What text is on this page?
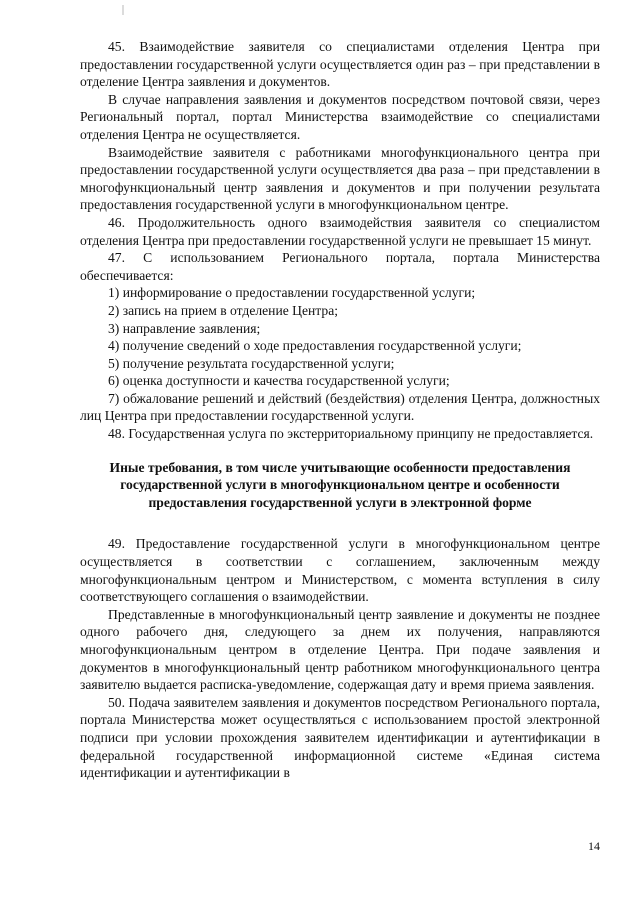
45. Взаимодействие заявителя со специалистами отделения Центра при предоставлении государственной услуги осуществляется один раз – при представлении в отделение Центра заявления и документов.

В случае направления заявления и документов посредством почтовой связи, через Региональный портал, портал Министерства взаимодействие со специалистами отделения Центра не осуществляется.

Взаимодействие заявителя с работниками многофункционального центра при предоставлении государственной услуги осуществляется два раза – при представлении в многофункциональный центр заявления и документов и при получении результата предоставления государственной услуги в многофункциональном центре.

46. Продолжительность одного взаимодействия заявителя со специалистом отделения Центра при предоставлении государственной услуги не превышает 15 минут.

47. С использованием Регионального портала, портала Министерства обеспечивается:

1) информирование о предоставлении государственной услуги;

2) запись на прием в отделение Центра;

3) направление заявления;

4) получение сведений о ходе предоставления государственной услуги;

5) получение результата государственной услуги;

6) оценка доступности и качества государственной услуги;

7) обжалование решений и действий (бездействия) отделения Центра, должностных лиц Центра при предоставлении государственной услуги.

48. Государственная услуга по экстерриториальному принципу не предоставляется.

Иные требования, в том числе учитывающие особенности предоставления государственной услуги в многофункциональном центре и особенности предоставления государственной услуги в электронной форме

49. Предоставление государственной услуги в многофункциональном центре осуществляется в соответствии с соглашением, заключенным между многофункциональным центром и Министерством, с момента вступления в силу соответствующего соглашения о взаимодействии.

Представленные в многофункциональный центр заявление и документы не позднее одного рабочего дня, следующего за днем их получения, направляются многофункциональным центром в отделение Центра. При подаче заявления и документов в многофункциональный центр работником многофункционального центра заявителю выдается расписка-уведомление, содержащая дату и время приема заявления.

50. Подача заявителем заявления и документов посредством Регионального портала, портала Министерства может осуществляться с использованием простой электронной подписи при условии прохождения заявителем идентификации и аутентификации в федеральной государственной информационной системе «Единая система идентификации и аутентификации в

14
